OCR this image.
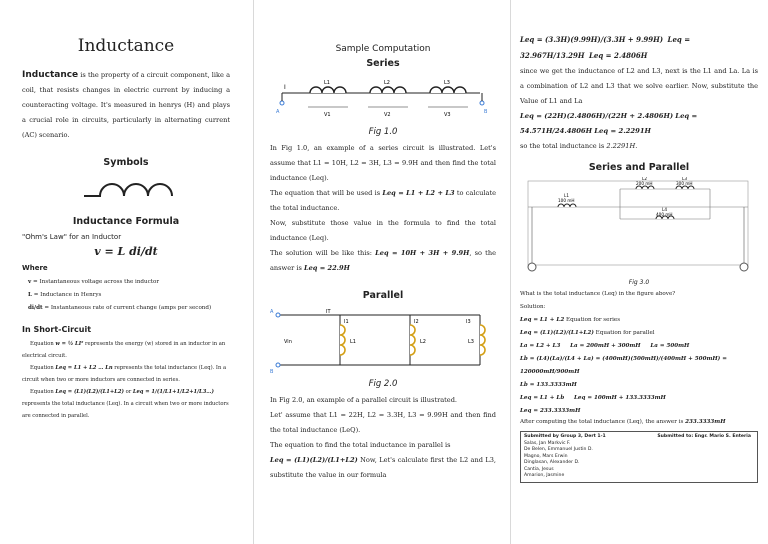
Inductance

Inductance is the property of a circuit component, like a coil, that resists changes in electric current by inducing a counteracting voltage. It's measured in henrys (H) and plays a crucial role in circuits, particularly in alternating current (AC) scenario.

Symbols
Inductance Formula
"Ohm's Law" for an Inductor
v = L di/dt
Where

v = Instantaneous voltage across the inductor

L = Inductance in Henrys

di/dt = Instantaneous rate of current change (amps per second)

In Short-Circuit

Equation w = ½ LI² represents the energy (w) stored in an inductor in an electrical circuit.

Equation Leq = L1 + L2 … Ln represents the total inductance (Leq). In a circuit when two or more inductors are connected in series.

Equation Leq = (L1)(L2)/(L1+L2) or Leq = 1/(1/L1+1/L2+1/L3…) represents the total inductance (Leq). In a circuit when two or more inductors are connected in parallel.

Sample Computation
Series
I
A	B
L1	L2	L3
V1	V2	V3
Fig 1.0

In Fig 1.0, an example of a series circuit is illustrated. Let's assume that L1 = 10H, L2 = 3H, L3 = 9.9H and then find the total inductance (Leq).

The equation that will be used is Leq = L1 + L2 + L3 to calculate the total inductance.

Now, substitute those value in the formula to find the total inductance (Leq).

The solution will be like this: Leq = 10H + 3H + 9.9H, so the answer is Leq = 22.9H

Parallel
A
B
Vin
IT
I1	I2	I3
L1	L2	L3
Fig 2.0

In Fig 2.0, an example of a parallel circuit is illustrated.

Let' assume that L1 = 22H, L2 = 3.3H, L3 = 9.99H and then find the total inductance (LeQ).

The equation to find the total inductance in parallel is

Leq = (L1)(L2)/(L1+L2) Now, Let's calculate first the L2 and L3, substitute the value in our formula

Leq = (3.3H)(9.99H)/(3.3H + 9.99H) Leq = 32.967H/13.29H Leq = 2.4806H

since we get the inductance of L2 and L3, next is the L1 and La. La is a combination of L2 and L3 that we solve earlier. Now, substitute the Value of L1 and La

Leq = (22H)(2.4806H)/(22H + 2.4806H) Leq = 54.571H/24.4806H Leq = 2.2291H

so the total inductance is 2.2291H.

Series and Parallel
L1
100 mH
L2
200 mH
L3
300 mH
L4
400 mH
Fig 3.0

What is the total inductance (Leq) in the figure above?

Solution:

Leq = L1 + L2 Equation for series

Leq = (L1)(L2)/(L1+L2) Equation for parallel

La = L2 + L3     La = 200mH + 300mH     La = 500mH

Lb = (L4)(La)/(L4 + La) = (400mH)(500mH)/(400mH + 500mH) = 120000mH/900mH

Lb = 133.3333mH

Leq = L1 + Lb     Leq = 100mH + 133.3333mH

Leq = 233.3333mH

After computing the total inductance (Leq), the answer is 233.3333mH

Submitted by Group 3, Dert 1-1	Submitted to: Engr. Mario S. Enteria
Salas, Jan Markvic F.
De Belen, Emmanuel Justin D.
Magno, Mars Erwin
Dinglasan, Alexander D.
Cantia, Jesus
Amarion, Jasmine
